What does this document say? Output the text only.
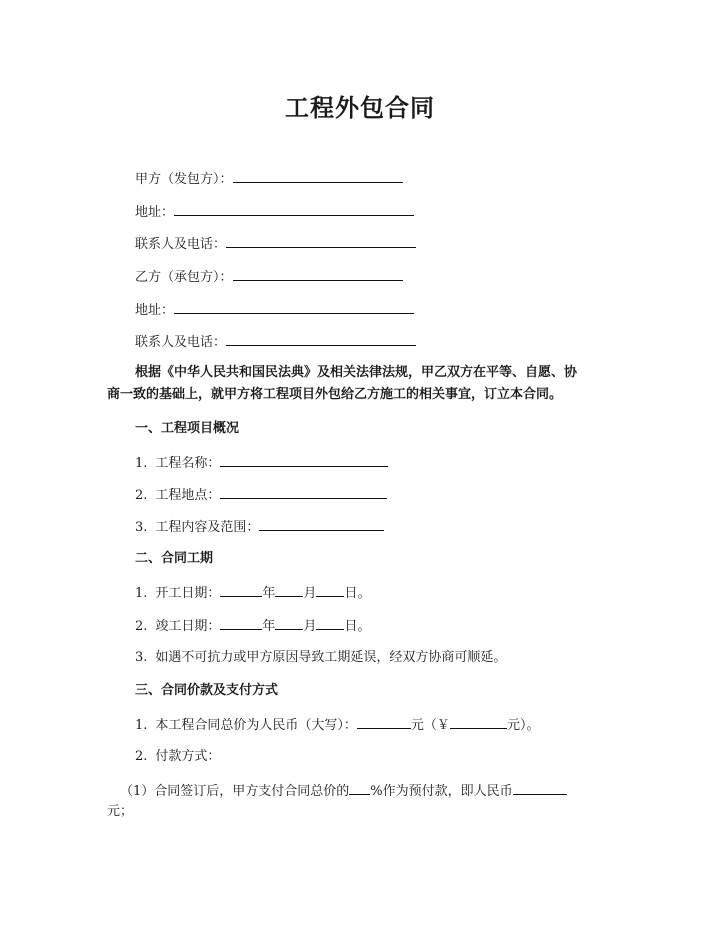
工程外包合同
甲方（发包方）：
地址：
联系人及电话：
乙方（承包方）：
地址：
联系人及电话：
根据《中华人民共和国民法典》及相关法律法规，甲乙双方在平等、自愿、协
商一致的基础上，就甲方将工程项目外包给乙方施工的相关事宜，订立本合同。
一、工程项目概况
1. 工程名称：
2. 工程地点：
3. 工程内容及范围：
二、合同工期
1. 开工日期：	年 月 日。
2. 竣工日期：	年 月 日。
3. 如遇不可抗力或甲方原因导致工期延误，经双方协商可顺延。
三、合同价款及支付方式
1. 本工程合同总价为人民币（大写）：	元（￥	元）。
2. 付款方式：
（1）合同签订后，甲方支付合同总价的 %作为预付款，即人民币
元；
